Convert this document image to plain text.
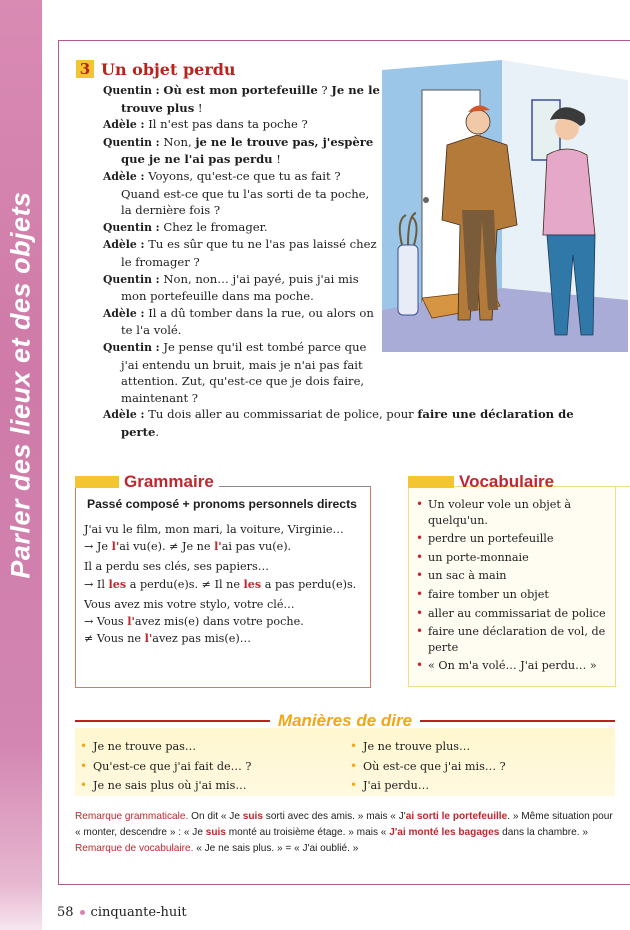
Parler des lieux et des objets
3 Un objet perdu
Quentin : Où est mon portefeuille ? Je ne le trouve plus !
Adèle : Il n'est pas dans ta poche ?
Quentin : Non, je ne le trouve pas, j'espère que je ne l'ai pas perdu !
Adèle : Voyons, qu'est-ce que tu as fait ? Quand est-ce que tu l'as sorti de ta poche, la dernière fois ?
Quentin : Chez le fromager.
Adèle : Tu es sûr que tu ne l'as pas laissé chez le fromager ?
Quentin : Non, non… j'ai payé, puis j'ai mis mon portefeuille dans ma poche.
Adèle : Il a dû tomber dans la rue, ou alors on te l'a volé.
Quentin : Je pense qu'il est tombé parce que j'ai entendu un bruit, mais je n'ai pas fait attention. Zut, qu'est-ce que je dois faire, maintenant ?
Adèle : Tu dois aller au commissariat de police, pour faire une déclaration de perte.
Grammaire
Passé composé + pronoms personnels directs
J'ai vu le film, mon mari, la voiture, Virginie…
→ Je l'ai vu(e). ≠ Je ne l'ai pas vu(e).
Il a perdu ses clés, ses papiers…
→ Il les a perdu(e)s. ≠ Il ne les a pas perdu(e)s.
Vous avez mis votre stylo, votre clé…
→ Vous l'avez mis(e) dans votre poche.
≠ Vous ne l'avez pas mis(e)…
Vocabulaire
• Un voleur vole un objet à quelqu'un.
• perdre un portefeuille
• un porte-monnaie
• un sac à main
• faire tomber un objet
• aller au commissariat de police
• faire une déclaration de vol, de perte
• « On m'a volé… J'ai perdu… »
Manières de dire
• Je ne trouve pas…
• Qu'est-ce que j'ai fait de… ?
• Je ne sais plus où j'ai mis…
• Je ne trouve plus…
• Où est-ce que j'ai mis… ?
• J'ai perdu…
Remarque grammaticale. On dit « Je suis sorti avec des amis. » mais « J'ai sorti le portefeuille. » Même situation pour « monter, descendre » : « Je suis monté au troisième étage. » mais « J'ai monté les bagages dans la chambre. »
Remarque de vocabulaire. « Je ne sais plus. » = « J'ai oublié. »
58 cinquante-huit
